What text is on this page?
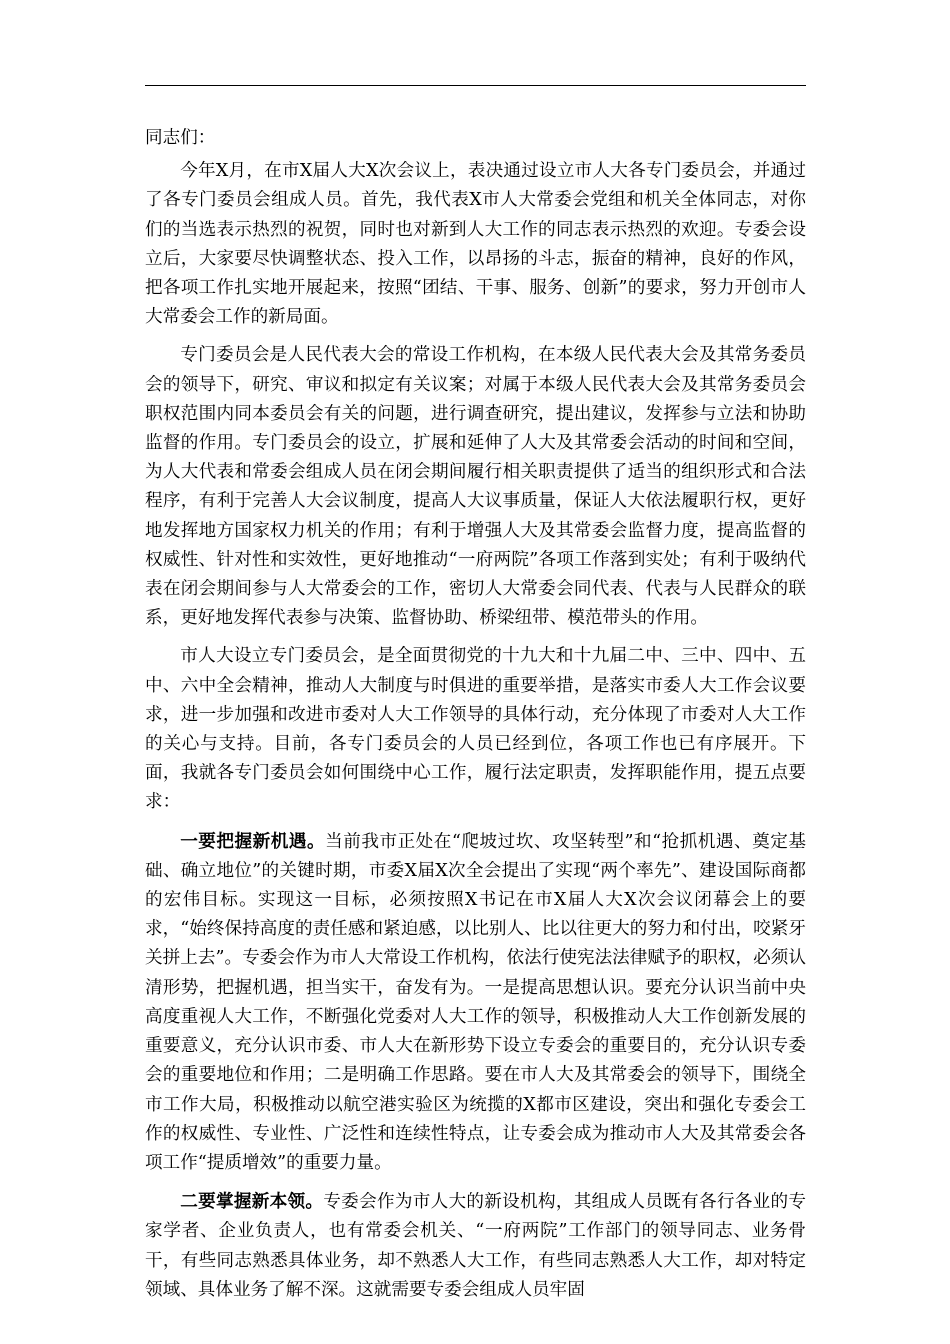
同志们：

今年X月，在市X届人大X次会议上，表决通过设立市人大各专门委员会，并通过了各专门委员会组成人员。首先，我代表X市人大常委会党组和机关全体同志，对你们的当选表示热烈的祝贺，同时也对新到人大工作的同志表示热烈的欢迎。专委会设立后，大家要尽快调整状态、投入工作，以昂扬的斗志，振奋的精神，良好的作风，把各项工作扎实地开展起来，按照“团结、干事、服务、创新”的要求，努力开创市人大常委会工作的新局面。

专门委员会是人民代表大会的常设工作机构，在本级人民代表大会及其常务委员会的领导下，研究、审议和拟定有关议案；对属于本级人民代表大会及其常务委员会职权范围内同本委员会有关的问题，进行调查研究，提出建议，发挥参与立法和协助监督的作用。专门委员会的设立，扩展和延伸了人大及其常委会活动的时间和空间，为人大代表和常委会组成人员在闭会期间履行相关职责提供了适当的组织形式和合法程序，有利于完善人大会议制度，提高人大议事质量，保证人大依法履职行权，更好地发挥地方国家权力机关的作用；有利于增强人大及其常委会监督力度，提高监督的权威性、针对性和实效性，更好地推动“一府两院”各项工作落到实处；有利于吸纳代表在闭会期间参与人大常委会的工作，密切人大常委会同代表、代表与人民群众的联系，更好地发挥代表参与决策、监督协助、桥梁纽带、模范带头的作用。

市人大设立专门委员会，是全面贯彻党的十九大和十九届二中、三中、四中、五中、六中全会精神，推动人大制度与时俱进的重要举措，是落实市委人大工作会议要求，进一步加强和改进市委对人大工作领导的具体行动，充分体现了市委对人大工作的关心与支持。目前，各专门委员会的人员已经到位，各项工作也已有序展开。下面，我就各专门委员会如何围绕中心工作，履行法定职责，发挥职能作用，提五点要求：

一要把握新机遇。当前我市正处在“爬坡过坎、攻坚转型”和“抢抓机遇、奠定基础、确立地位”的关键时期，市委X届X次全会提出了实现“两个率先”、建设国际商都的宏伟目标。实现这一目标，必须按照X书记在市X届人大X次会议闭幕会上的要求，“始终保持高度的责任感和紧迫感，以比别人、比以往更大的努力和付出，咬紧牙关拼上去”。专委会作为市人大常设工作机构，依法行使宪法法律赋予的职权，必须认清形势，把握机遇，担当实干，奋发有为。一是提高思想认识。要充分认识当前中央高度重视人大工作，不断强化党委对人大工作的领导，积极推动人大工作创新发展的重要意义，充分认识市委、市人大在新形势下设立专委会的重要目的，充分认识专委会的重要地位和作用；二是明确工作思路。要在市人大及其常委会的领导下，围绕全市工作大局，积极推动以航空港实验区为统揽的X都市区建设，突出和强化专委会工作的权威性、专业性、广泛性和连续性特点，让专委会成为推动市人大及其常委会各项工作“提质增效”的重要力量。

二要掌握新本领。专委会作为市人大的新设机构，其组成人员既有各行各业的专家学者、企业负责人，也有常委会机关、“一府两院”工作部门的领导同志、业务骨干，有些同志熟悉具体业务，却不熟悉人大工作，有些同志熟悉人大工作，却对特定领域、具体业务了解不深。这就需要专委会组成人员牢固
